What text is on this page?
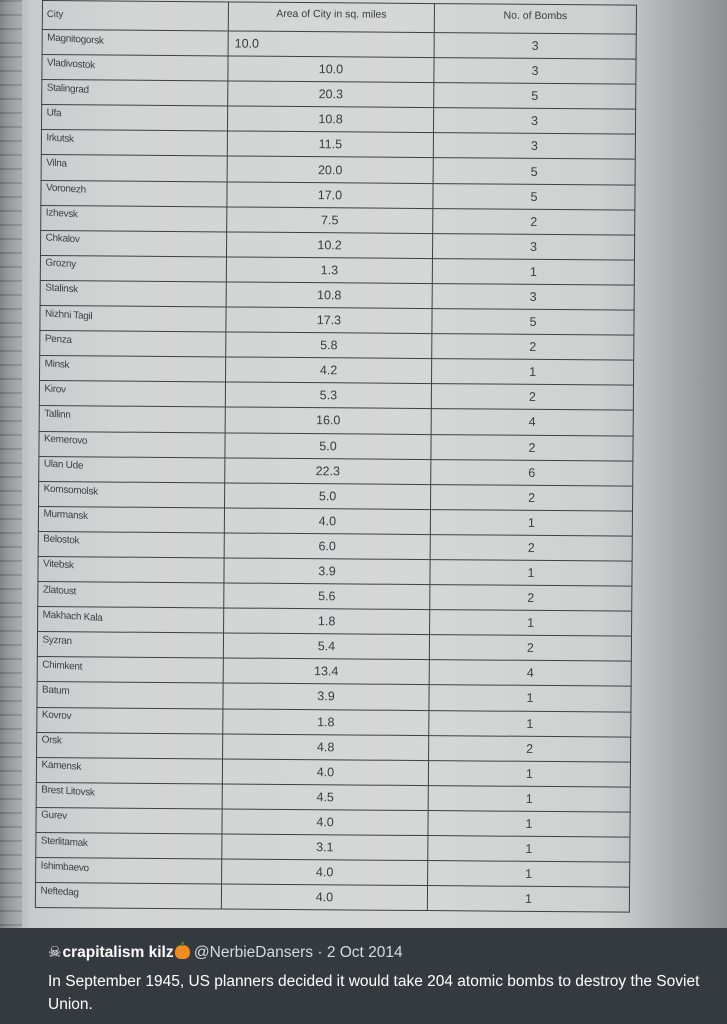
City	Area of City in sq. miles	No. of Bombs
Magnitogorsk	10.0	3
Vladivostok	10.0	3
Stalingrad	20.3	5
Ufa	10.8	3
Irkutsk	11.5	3
Vilna	20.0	5
Voronezh	17.0	5
Izhevsk	7.5	2
Chkalov	10.2	3
Grozny	1.3	1
Stalinsk	10.8	3
Nizhni Tagil	17.3	5
Penza	5.8	2
Minsk	4.2	1
Kirov	5.3	2
Tallinn	16.0	4
Kemerovo	5.0	2
Ulan Ude	22.3	6
Komsomolsk	5.0	2
Murmansk	4.0	1
Belostok	6.0	2
Vitebsk	3.9	1
Zlatoust	5.6	2
Makhach Kala	1.8	1
Syzran	5.4	2
Chimkent	13.4	4
Batum	3.9	1
Kovrov	1.8	1
Orsk	4.8	2
Kamensk	4.0	1
Brest Litovsk	4.5	1
Gurev	4.0	1
Sterlitamak	3.1	1
Ishimbaevo	4.0	1
Neftedag	4.0	1
☠crapitalism kilz @NerbieDansers · 2 Oct 2014
In September 1945, US planners decided it would take 204 atomic bombs to destroy the Soviet Union.
